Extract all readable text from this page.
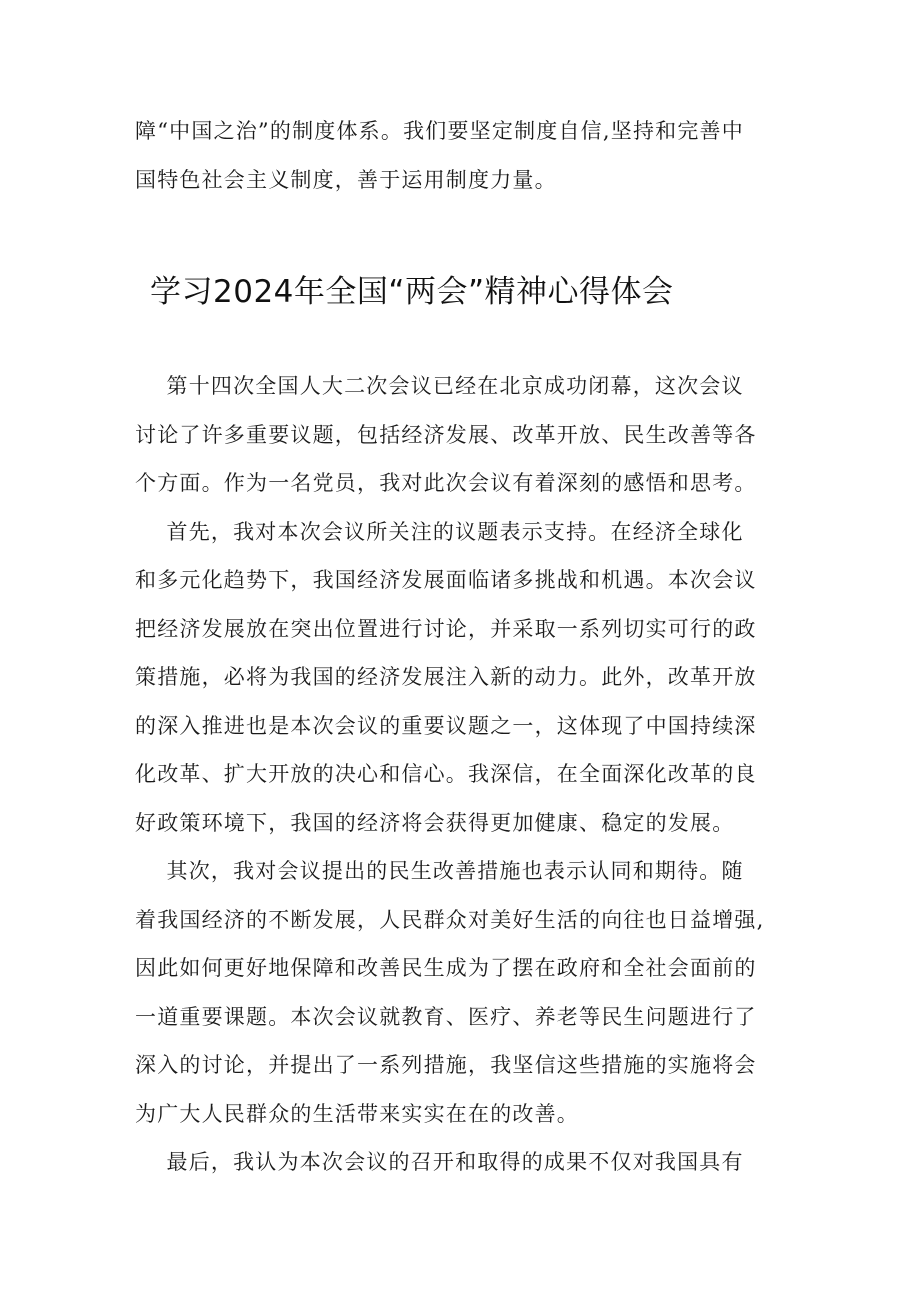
障“中国之治”的制度体系。我们要坚定制度自信,坚持和完善中
国特色社会主义制度，善于运用制度力量。
学习2024年全国“两会”精神心得体会
第十四次全国人大二次会议已经在北京成功闭幕，这次会议
讨论了许多重要议题，包括经济发展、改革开放、民生改善等各
个方面。作为一名党员，我对此次会议有着深刻的感悟和思考。
首先，我对本次会议所关注的议题表示支持。在经济全球化
和多元化趋势下，我国经济发展面临诸多挑战和机遇。本次会议
把经济发展放在突出位置进行讨论，并采取一系列切实可行的政
策措施，必将为我国的经济发展注入新的动力。此外，改革开放
的深入推进也是本次会议的重要议题之一，这体现了中国持续深
化改革、扩大开放的决心和信心。我深信，在全面深化改革的良
好政策环境下，我国的经济将会获得更加健康、稳定的发展。
其次，我对会议提出的民生改善措施也表示认同和期待。随
着我国经济的不断发展，人民群众对美好生活的向往也日益增强,
因此如何更好地保障和改善民生成为了摆在政府和全社会面前的
一道重要课题。本次会议就教育、医疗、养老等民生问题进行了
深入的讨论，并提出了一系列措施，我坚信这些措施的实施将会
为广大人民群众的生活带来实实在在的改善。
最后，我认为本次会议的召开和取得的成果不仅对我国具有
